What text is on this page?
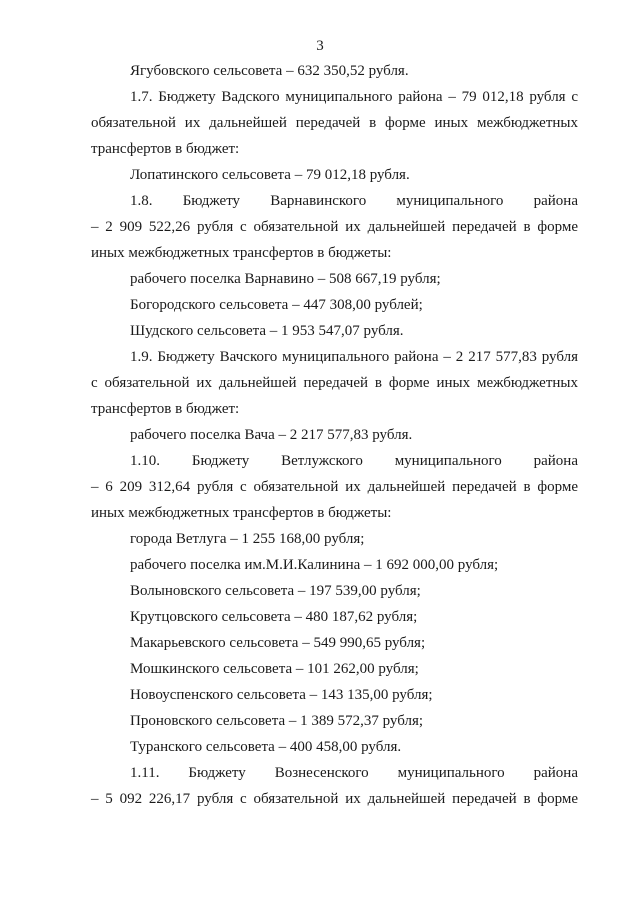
3
Ягубовского сельсовета – 632 350,52 рубля.
1.7. Бюджету Вадского муниципального района – 79 012,18 рубля с
обязательной их дальнейшей передачей в форме иных межбюджетных
трансфертов в бюджет:
Лопатинского сельсовета – 79 012,18 рубля.
1.8. Бюджету Варнавинского муниципального района
– 2 909 522,26 рубля с обязательной их дальнейшей передачей в форме
иных межбюджетных трансфертов в бюджеты:
рабочего поселка Варнавино – 508 667,19 рубля;
Богородского сельсовета – 447 308,00 рублей;
Шудского сельсовета – 1 953 547,07 рубля.
1.9. Бюджету Вачского муниципального района – 2 217 577,83 рубля
с обязательной их дальнейшей передачей в форме иных межбюджетных
трансфертов в бюджет:
рабочего поселка Вача – 2 217 577,83 рубля.
1.10. Бюджету Ветлужского муниципального района
– 6 209 312,64 рубля с обязательной их дальнейшей передачей в форме
иных межбюджетных трансфертов в бюджеты:
города Ветлуга – 1 255 168,00 рубля;
рабочего поселка им.М.И.Калинина – 1 692 000,00 рубля;
Волыновского сельсовета – 197 539,00 рубля;
Крутцовского сельсовета – 480 187,62 рубля;
Макарьевского сельсовета – 549 990,65 рубля;
Мошкинского сельсовета – 101 262,00 рубля;
Новоуспенского сельсовета – 143 135,00 рубля;
Проновского сельсовета – 1 389 572,37 рубля;
Туранского сельсовета – 400 458,00 рубля.
1.11. Бюджету Вознесенского муниципального района
– 5 092 226,17 рубля с обязательной их дальнейшей передачей в форме
